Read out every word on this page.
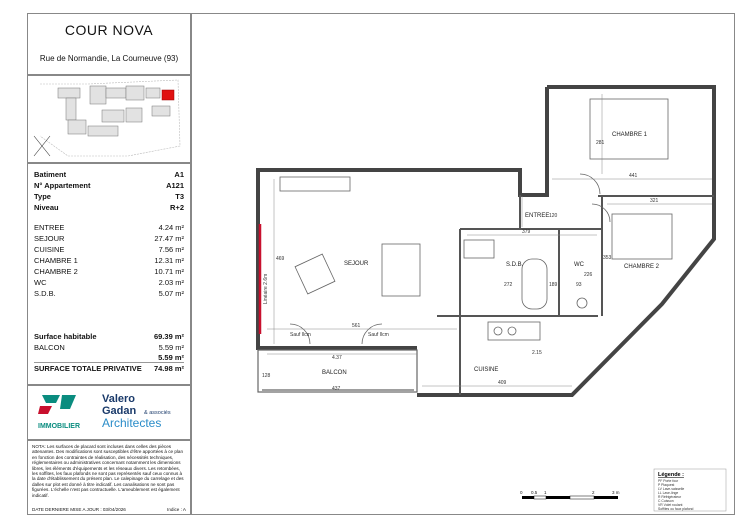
COUR NOVA
Rue de Normandie, La Courneuve (93)
Batiment	A1
N° Appartement	A121
Type	T3
Niveau	R+2
ENTREE	4.24 m²
SEJOUR	27.47 m²
CUISINE	7.56 m²
CHAMBRE 1	12.31 m²
CHAMBRE 2	10.71 m²
WC	2.03 m²
S.D.B.	5.07 m²
Surface habitable	69.39 m²
BALCON	5.59 m²
5.59 m²
SURFACE TOTALE PRIVATIVE 74.98 m²
IMMOBILIER
Valero
Gadan & associés
Architectes
NOTA: Les surfaces de placard sont incluses dans celles des pièces attenantes. Des modifications sont susceptibles d'être apportées à ce plan en fonction des contraintes de réalisation, des nécessités techniques, réglementaires ou administratives concernant notamment les dimensions libres, les éléments d'équipements et les réseaux divers. Les retombées, les soffites, les faux plafonds ne sont pas représentés sauf ceux connus à la date d'établissement du présent plan. Le calepinage du carrelage et des dalles sur plot est donné à titre indicatif. Les canalisations ne sont pas figurées. L'échelle n'est pas contractuelle. L'ameublement est également indicatif.
DATE DERNIERE MISE A JOUR : 03/04/2026	Indice : A
CHAMBRE 1
CHAMBRE 2
SEJOUR
ENTREE
S.D.B.	WC
CUISINE
BALCON
281
441
321
120
379
353
469
272	189	93
226
561
4.37
437
128
2.15
409
Sauf Ilcm	Sauf Ilcm
Linéaire 2.6m
0 0.5 1	2	3 m
Légende :
PF Porte four
P Plaquest
LV Lave-vaisselle
LL Lave-linge
R Réfrigérateur
C Cuisson
VR Volet roulant
Soffites ou faux plafond
